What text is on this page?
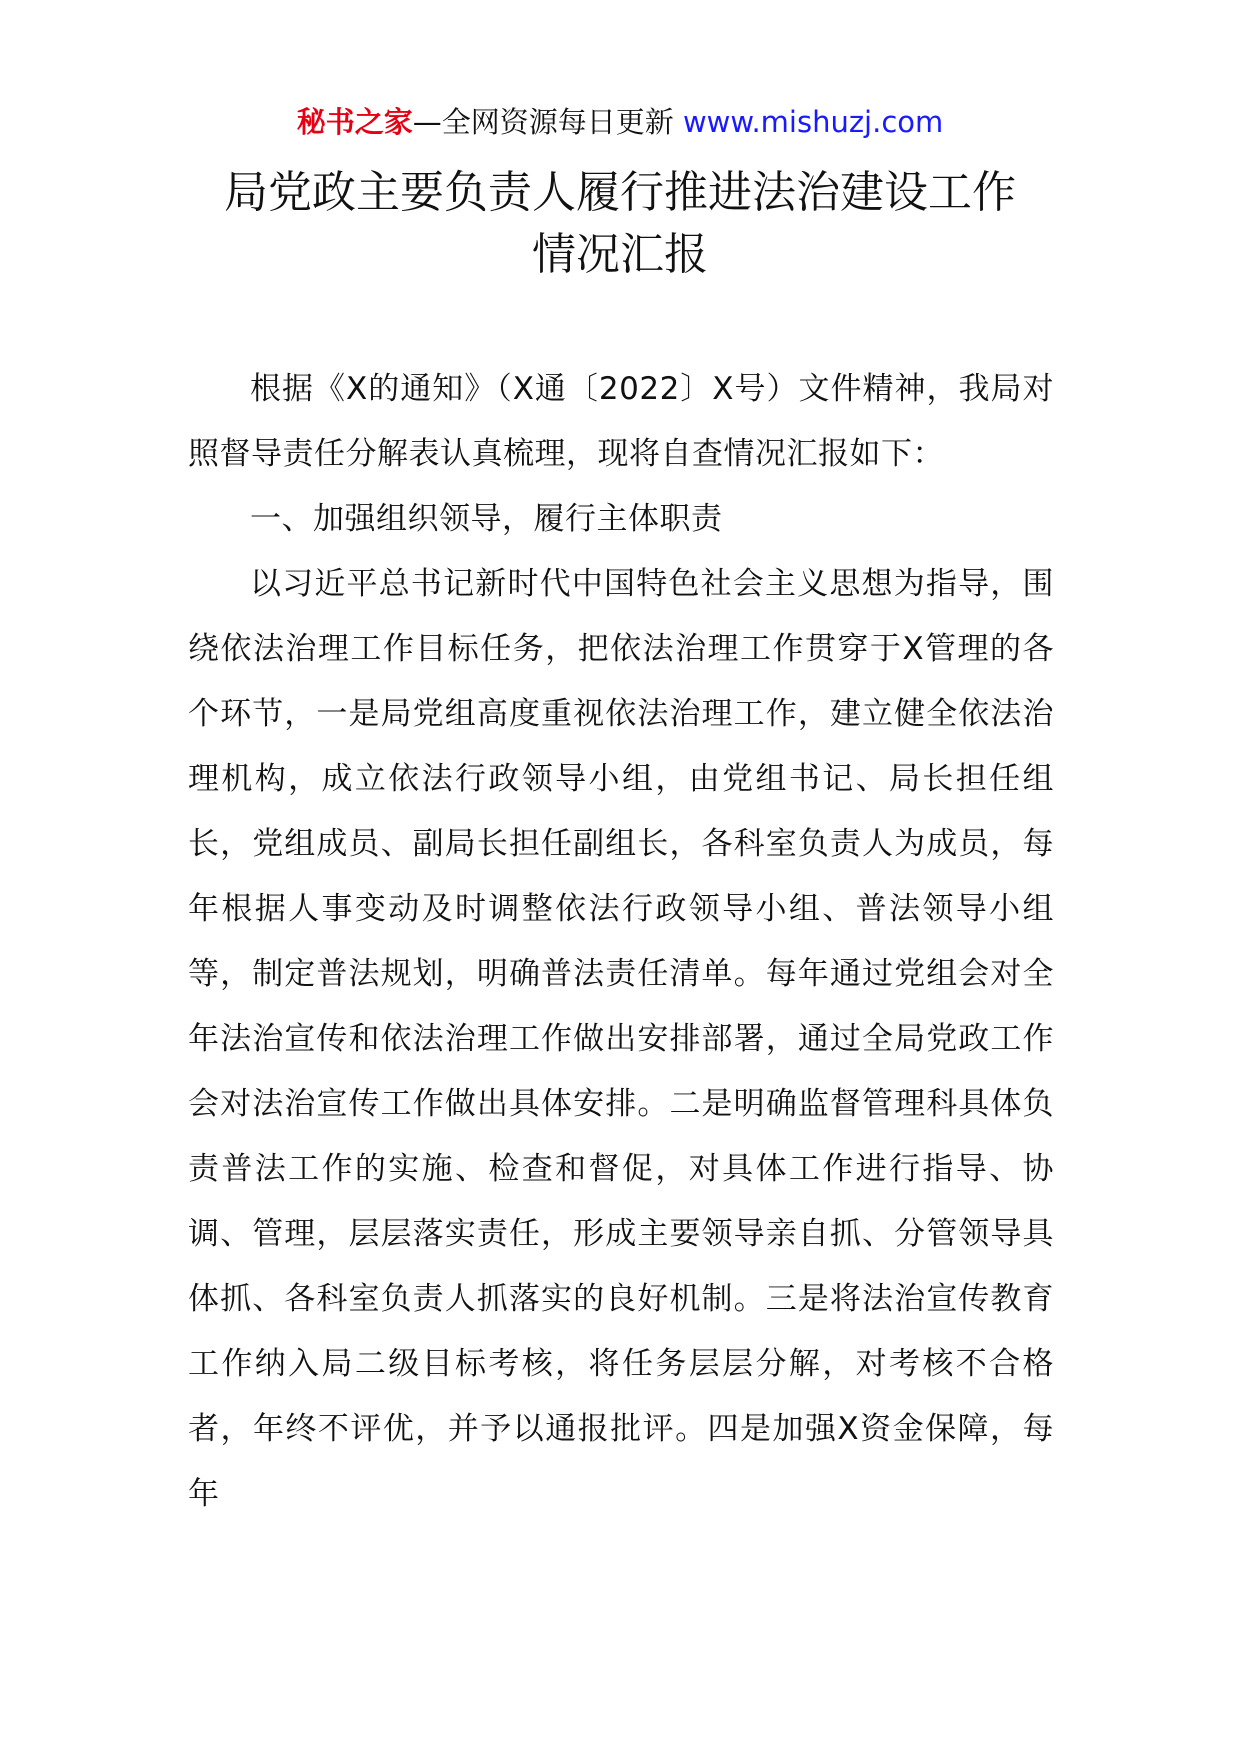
秘书之家—全网资源每日更新 www.mishuzj.com
局党政主要负责人履行推进法治建设工作
情况汇报

根据《X的通知》（X通〔2022〕X号）文件精神，我局对照督导责任分解表认真梳理，现将自查情况汇报如下：

一、加强组织领导，履行主体职责

以习近平总书记新时代中国特色社会主义思想为指导，围绕依法治理工作目标任务，把依法治理工作贯穿于X管理的各个环节，一是局党组高度重视依法治理工作，建立健全依法治理机构，成立依法行政领导小组，由党组书记、局长担任组长，党组成员、副局长担任副组长，各科室负责人为成员，每年根据人事变动及时调整依法行政领导小组、普法领导小组等，制定普法规划，明确普法责任清单。每年通过党组会对全年法治宣传和依法治理工作做出安排部署，通过全局党政工作会对法治宣传工作做出具体安排。二是明确监督管理科具体负责普法工作的实施、检查和督促，对具体工作进行指导、协调、管理，层层落实责任，形成主要领导亲自抓、分管领导具体抓、各科室负责人抓落实的良好机制。三是将法治宣传教育工作纳入局二级目标考核，将任务层层分解，对考核不合格者，年终不评优，并予以通报批评。四是加强X资金保障，每年
